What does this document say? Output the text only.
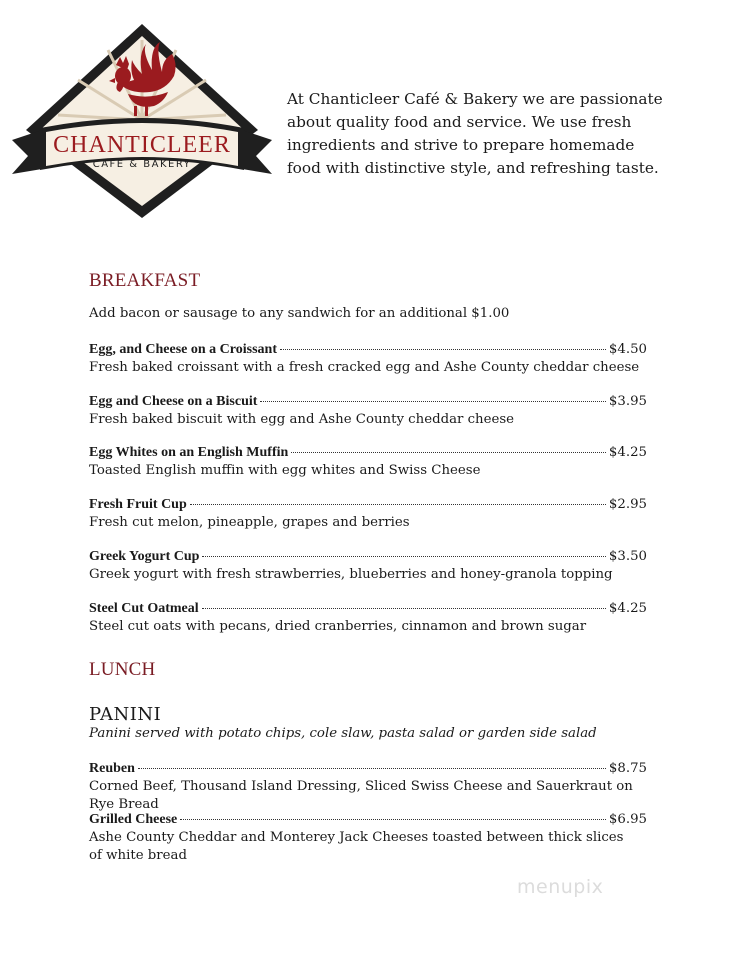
CHANTICLEER
CAFE & BAKERY
At Chanticleer Café & Bakery we are passionate about quality food and service. We use fresh ingredients and strive to prepare homemade food with distinctive style, and refreshing taste.
BREAKFAST
Add bacon or sausage to any sandwich for an additional $1.00
Egg, and Cheese on a Croissant	$4.50
Fresh baked croissant with a fresh cracked egg and Ashe County cheddar cheese
Egg and Cheese on a Biscuit	$3.95
Fresh baked biscuit with egg and Ashe County cheddar cheese
Egg Whites on an English Muffin	$4.25
Toasted English muffin with egg whites and Swiss Cheese
Fresh Fruit Cup	$2.95
Fresh cut melon, pineapple, grapes and berries
Greek Yogurt Cup	$3.50
Greek yogurt with fresh strawberries, blueberries and honey-granola topping
Steel Cut Oatmeal	$4.25
Steel cut oats with pecans, dried cranberries, cinnamon and brown sugar
LUNCH
PANINI
Panini served with potato chips, cole slaw, pasta salad or garden side salad
Reuben	$8.75
Corned Beef, Thousand Island Dressing, Sliced Swiss Cheese and Sauerkraut on Rye Bread
Grilled Cheese	$6.95
Ashe County Cheddar and Monterey Jack Cheeses toasted between thick slices of white bread
menupix
